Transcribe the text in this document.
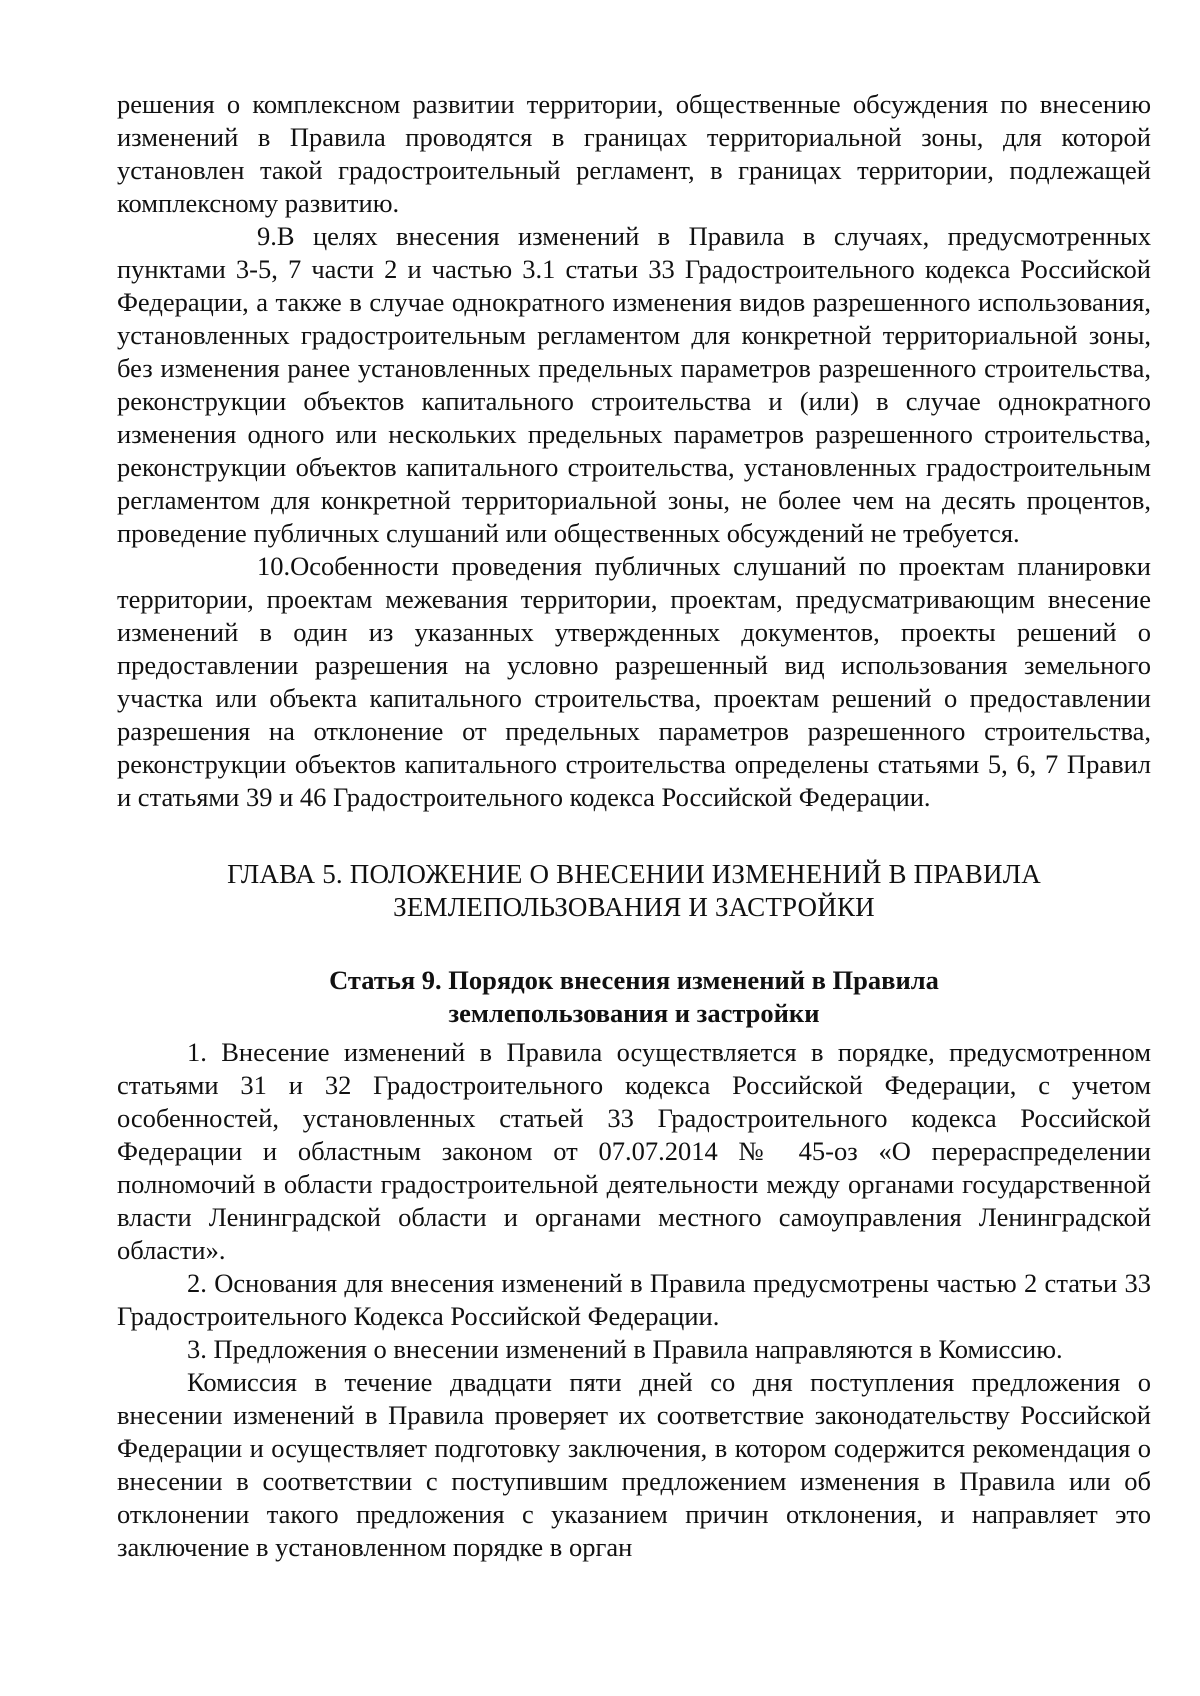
решения о комплексном развитии территории, общественные обсуждения по внесению изменений в Правила проводятся в границах территориальной зоны, для которой установлен такой градостроительный регламент, в границах территории, подлежащей комплексному развитию.

9.В целях внесения изменений в Правила в случаях, предусмотренных пунктами 3-5, 7 части 2 и частью 3.1 статьи 33 Градостроительного кодекса Российской Федерации, а также в случае однократного изменения видов разрешенного использования, установленных градостроительным регламентом для конкретной территориальной зоны, без изменения ранее установленных предельных параметров разрешенного строительства, реконструкции объектов капитального строительства и (или) в случае однократного изменения одного или нескольких предельных параметров разрешенного строительства, реконструкции объектов капитального строительства, установленных градостроительным регламентом для конкретной территориальной зоны, не более чем на десять процентов, проведение публичных слушаний или общественных обсуждений не требуется.

10.Особенности проведения публичных слушаний по проектам планировки территории, проектам межевания территории, проектам, предусматривающим внесение изменений в один из указанных утвержденных документов, проекты решений о предоставлении разрешения на условно разрешенный вид использования земельного участка или объекта капитального строительства, проектам решений о предоставлении разрешения на отклонение от предельных параметров разрешенного строительства, реконструкции объектов капитального строительства определены статьями 5, 6, 7 Правил и статьями 39 и 46 Градостроительного кодекса Российской Федерации.

ГЛАВА 5. ПОЛОЖЕНИЕ О ВНЕСЕНИИ ИЗМЕНЕНИЙ В ПРАВИЛА
ЗЕМЛЕПОЛЬЗОВАНИЯ И ЗАСТРОЙКИ
Статья 9. Порядок внесения изменений в Правила
землепользования и застройки

1. Внесение изменений в Правила осуществляется в порядке, предусмотренном статьями 31 и 32 Градостроительного кодекса Российской Федерации, с учетом особенностей, установленных статьей 33 Градостроительного кодекса Российской Федерации и областным законом от 07.07.2014 № 45-оз «О перераспределении полномочий в области градостроительной деятельности между органами государственной власти Ленинградской области и органами местного самоуправления Ленинградской области».

2. Основания для внесения изменений в Правила предусмотрены частью 2 статьи 33 Градостроительного Кодекса Российской Федерации.

3. Предложения о внесении изменений в Правила направляются в Комиссию.

Комиссия в течение двадцати пяти дней со дня поступления предложения о внесении изменений в Правила проверяет их соответствие законодательству Российской Федерации и осуществляет подготовку заключения, в котором содержится рекомендация о внесении в соответствии с поступившим предложением изменения в Правила или об отклонении такого предложения с указанием причин отклонения, и направляет это заключение в установленном порядке в орган
